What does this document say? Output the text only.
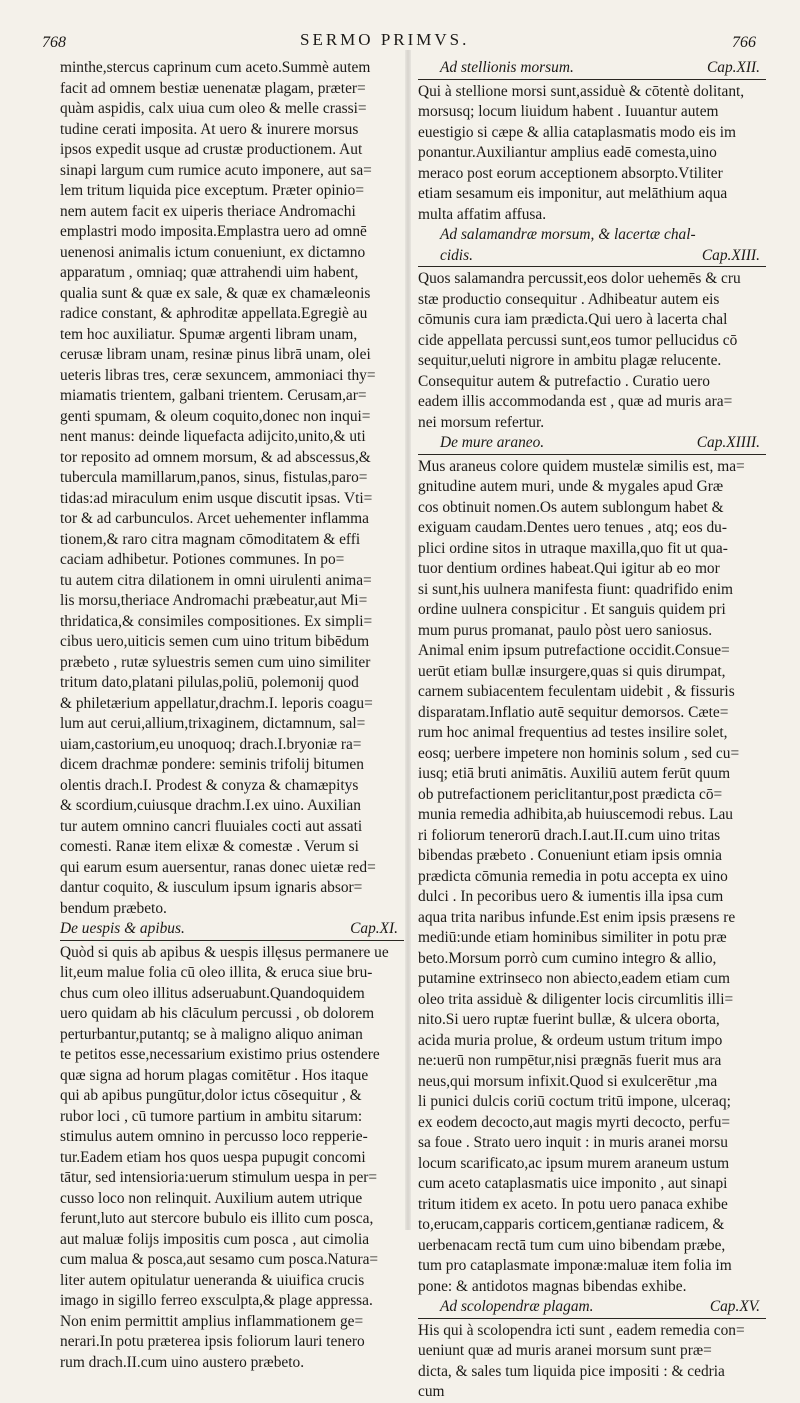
768	SERMO PRIMVS.	766
minthe,stercus caprinum cum aceto.Summè autem
facit ad omnem bestiæ uenenatæ plagam, præter=
quàm aspidis, calx uiua cum oleo & melle crassi=
tudine cerati imposita. At uero & inurere morsus
ipsos expedit usque ad crustæ productionem. Aut
sinapi largum cum rumice acuto imponere, aut sa=
lem tritum liquida pice exceptum. Præter opinio=
nem autem facit ex uiperis theriace Andromachi
emplastri modo imposita.Emplastra uero ad omnē
uenenosi animalis ictum conueniunt, ex dictamno
apparatum , omniaq; quæ attrahendi uim habent,
qualia sunt & quæ ex sale, & quæ ex chamæleonis
radice constant, & aphroditæ appellata.Egregiè au
tem hoc auxiliatur. Spumæ argenti libram unam,
cerusæ libram unam, resinæ pinus librā unam, olei
ueteris libras tres, ceræ sexuncem, ammoniaci thy=
miamatis trientem, galbani trientem. Cerusam,ar=
genti spumam, & oleum coquito,donec non inqui=
nent manus: deinde liquefacta adijcito,unito,& uti
tor reposito ad omnem morsum, & ad abscessus,&
tubercula mamillarum,panos, sinus, fistulas,paro=
tidas:ad miraculum enim usque discutit ipsas. Vti=
tor & ad carbunculos. Arcet uehementer inflamma
tionem,& raro citra magnam cōmoditatem & effi
caciam adhibetur. Potiones communes. In po=
tu autem citra dilationem in omni uirulenti anima=
lis morsu,theriace Andromachi præbeatur,aut Mi=
thridatica,& consimiles compositiones. Ex simpli=
cibus uero,uiticis semen cum uino tritum bibēdum
præbeto , rutæ syluestris semen cum uino similiter
tritum dato,platani pilulas,poliū, polemonij quod
& philetærium appellatur,drachm.I. leporis coagu=
lum aut cerui,allium,trixaginem, dictamnum, sal=
uiam,castorium,eu unoquoq; drach.I.bryoniæ ra=
dicem drachmæ pondere: seminis trifolij bitumen
olentis drach.I. Prodest & conyza & chamæpitys
& scordium,cuiusque drachm.I.ex uino. Auxilian
tur autem omnino cancri fluuiales cocti aut assati
comesti. Ranæ item elixæ & comestæ . Verum si
qui earum esum auersentur, ranas donec uietæ red=
dantur coquito, & iusculum ipsum ignaris absor=
bendum præbeto.
De uespis & apibus.	Cap.XI.
Quòd si quis ab apibus & uespis illęsus permanere ue
lit,eum malue folia cū oleo illita, & eruca siue bru-
chus cum oleo illitus adseruabunt.Quandoquidem
uero quidam ab his clāculum percussi , ob dolorem
perturbantur,putantq; se à maligno aliquo animan
te petitos esse,necessarium existimo prius ostendere
quæ signa ad horum plagas comitētur . Hos itaque
qui ab apibus pungūtur,dolor ictus cōsequitur , &
rubor loci , cū tumore partium in ambitu sitarum:
stimulus autem omnino in percusso loco repperie-
tur.Eadem etiam hos quos uespa pupugit concomi
tātur, sed intensioria:uerum stimulum uespa in per=
cusso loco non relinquit. Auxilium autem utrique
ferunt,luto aut stercore bubulo eis illito cum posca,
aut maluæ folijs impositis cum posca , aut cimolia
cum malua & posca,aut sesamo cum posca.Natura=
liter autem opitulatur ueneranda & uiuifica crucis
imago in sigillo ferreo exsculpta,& plage appressa.
Non enim permittit amplius inflammationem ge=
nerari.In potu præterea ipsis foliorum lauri tenero
rum drach.II.cum uino austero præbeto.
Ad stellionis morsum.	Cap.XII.
Qui à stellione morsi sunt,assiduè & cōtentè dolitant,
morsusq; locum liuidum habent . Iuuantur autem
euestigio si cæpe & allia cataplasmatis modo eis im
ponantur.Auxiliantur amplius eadē comesta,uino
meraco post eorum acceptionem absorpto.Vtiliter
etiam sesamum eis imponitur, aut melāthium aqua
multa affatim affusa.
Ad salamandræ morsum, & lacertæ chal-
cidis.	Cap.XIII.
Quos salamandra percussit,eos dolor uehemēs & cru
stæ productio consequitur . Adhibeatur autem eis
cōmunis cura iam prædicta.Qui uero à lacerta chal
cide appellata percussi sunt,eos tumor pellucidus cō
sequitur,ueluti nigrore in ambitu plagæ relucente.
Consequitur autem & putrefactio . Curatio uero
eadem illis accommodanda est , quæ ad muris ara=
nei morsum refertur.
De mure araneo.	Cap.XIIII.
Mus araneus colore quidem mustelæ similis est, ma=
gnitudine autem muri, unde & mygales apud Græ
cos obtinuit nomen.Os autem sublongum habet &
exiguam caudam.Dentes uero tenues , atq; eos du-
plici ordine sitos in utraque maxilla,quo fit ut qua-
tuor dentium ordines habeat.Qui igitur ab eo mor
si sunt,his uulnera manifesta fiunt: quadrifido enim
ordine uulnera conspicitur . Et sanguis quidem pri
mum purus promanat, paulo pòst uero saniosus.
Animal enim ipsum putrefactione occidit.Consue=
uerūt etiam bullæ insurgere,quas si quis dirumpat,
carnem subiacentem feculentam uidebit , & fissuris
disparatam.Inflatio autē sequitur demorsos. Cæte=
rum hoc animal frequentius ad testes insilire solet,
eosq; uerbere impetere non hominis solum , sed cu=
iusq; etiā bruti animātis. Auxiliū autem ferūt quum
ob putrefactionem periclitantur,post prædicta cō=
munia remedia adhibita,ab huiuscemodi rebus. Lau
ri foliorum tenerorū drach.I.aut.II.cum uino tritas
bibendas præbeto . Conueniunt etiam ipsis omnia
prædicta cōmunia remedia in potu accepta ex uino
dulci . In pecoribus uero & iumentis illa ipsa cum
aqua trita naribus infunde.Est enim ipsis præsens re
mediū:unde etiam hominibus similiter in potu præ
beto.Morsum porrò cum cumino integro & allio,
putamine extrinseco non abiecto,eadem etiam cum
oleo trita assiduè & diligenter locis circumlitis illi=
nito.Si uero ruptæ fuerint bullæ, & ulcera oborta,
acida muria prolue, & ordeum ustum tritum impo
ne:uerū non rumpētur,nisi prægnās fuerit mus ara
neus,qui morsum infixit.Quod si exulcerētur ,ma
li punici dulcis coriū coctum tritū impone, ulceraq;
ex eodem decocto,aut magis myrti decocto, perfu=
sa foue . Strato uero inquit : in muris aranei morsu
locum scarificato,ac ipsum murem araneum ustum
cum aceto cataplasmatis uice imponito , aut sinapi
tritum itidem ex aceto. In potu uero panaca exhibe
to,erucam,capparis corticem,gentianæ radicem, &
uerbenacam rectā tum cum uino bibendam præbe,
tum pro cataplasmate imponæ:maluæ item folia im
pone: & antidotos magnas bibendas exhibe.
Ad scolopendræ plagam.	Cap.XV.
His qui à scolopendra icti sunt , eadem remedia con=
ueniunt quæ ad muris aranei morsum sunt præ=
dicta, & sales tum liquida pice impositi : & cedria
cum
